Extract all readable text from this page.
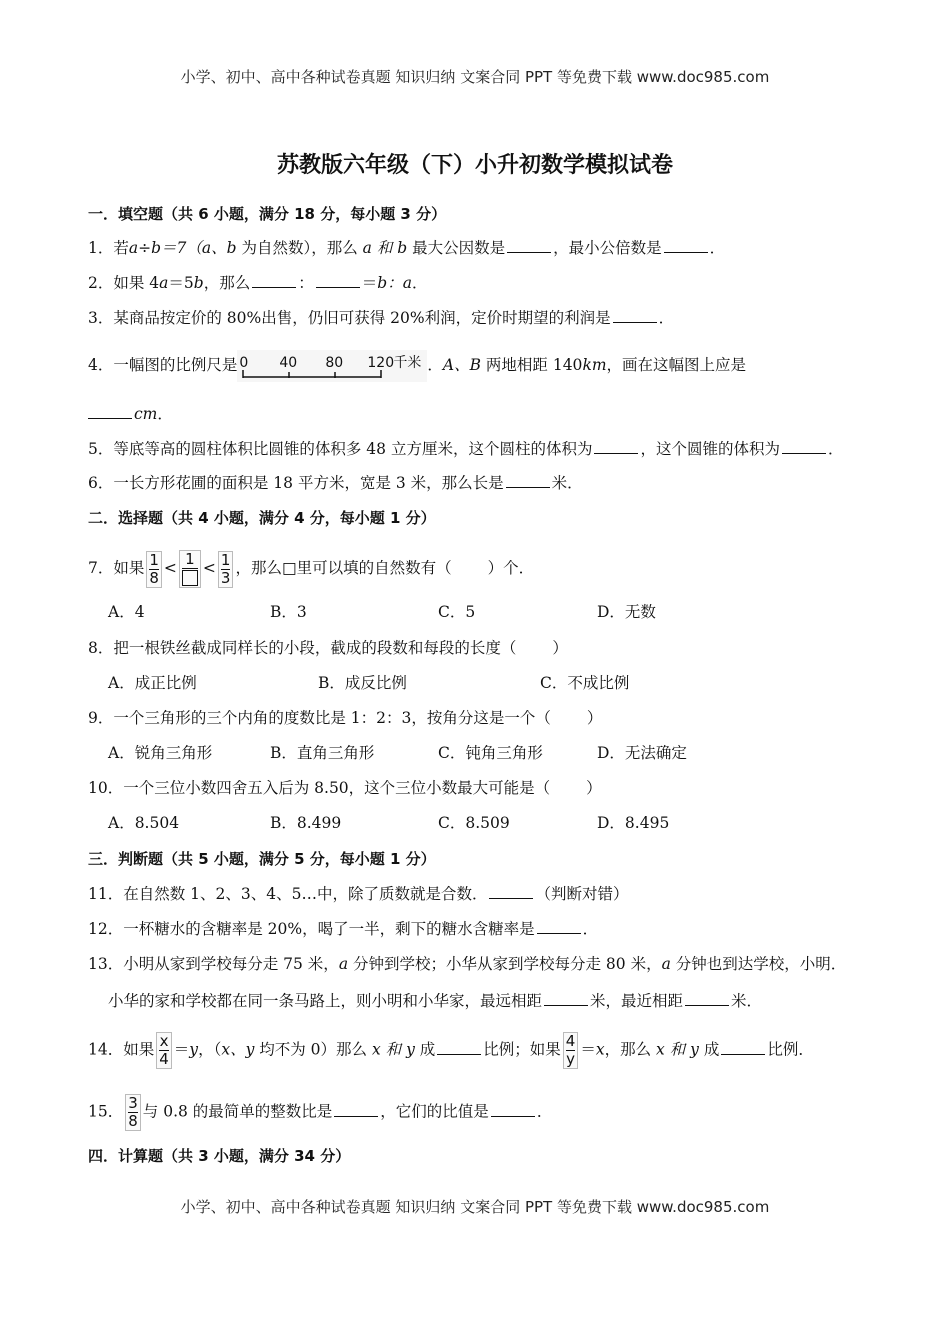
小学、初中、高中各种试卷真题 知识归纳 文案合同 PPT 等免费下载 www.doc985.com
苏教版六年级（下）小升初数学模拟试卷
一．填空题（共 6 小题，满分 18 分，每小题 3 分）
1．若a÷b＝7（a、b 为自然数），那么 a 和 b 最大公因数是	，最小公倍数是	．
2．如果 4a＝5b，那么	：	＝b：a．
3．某商品按定价的 80%出售，仍旧可获得 20%利润，定价时期望的利润是	．
4．一幅图的比例尺是 0 40 80 120 千米 ．A、B 两地相距 140km，画在这幅图上应是
cm．
5．等底等高的圆柱体积比圆锥的体积多 48 立方厘米，这个圆柱的体积为	，这个圆锥的体积为	．
6．一长方形花圃的面积是 18 平方米，宽是 3 米，那么长是	米．
二．选择题（共 4 小题，满分 4 分，每小题 1 分）
7．如果 $\frac{1}{8} < 1 < \frac{1}{3}$ ，那么□里可以填的自然数有（ ）个．
A．4	B．3	C．5	D．无数
8．把一根铁丝截成同样长的小段，截成的段数和每段的长度（ ）
A．成正比例	B．成反比例	C．不成比例
9．一个三角形的三个内角的度数比是 1：2：3，按角分这是一个（ ）
A．锐角三角形	B．直角三角形	C．钝角三角形	D．无法确定
10．一个三位小数四舍五入后为 8.50，这个三位小数最大可能是（ ）
A．8.504	B．8.499	C．8.509	D．8.495
三．判断题（共 5 小题，满分 5 分，每小题 1 分）
11．在自然数 1、2、3、4、5…中，除了质数就是合数．	（判断对错）
12．一杯糖水的含糖率是 20%，喝了一半，剩下的糖水含糖率是	．
13．小明从家到学校每分走 75 米，a 分钟到学校；小华从家到学校每分走 80 米，a 分钟也到达学校，小明．
小华的家和学校都在同一条马路上，则小明和小华家，最远相距	米，最近相距	米．
14．如果 $\frac{x}{4} =y$，（x、y 均不为 0）那么 x 和 y 成	比例；如果 $\frac{4}{y} =x$，那么 x 和 y 成	比例．
15． $\frac{3}{8}$ 与 0.8 的最简单的整数比是	，它们的比值是	．
四．计算题（共 3 小题，满分 34 分）
小学、初中、高中各种试卷真题 知识归纳 文案合同 PPT 等免费下载 www.doc985.com
